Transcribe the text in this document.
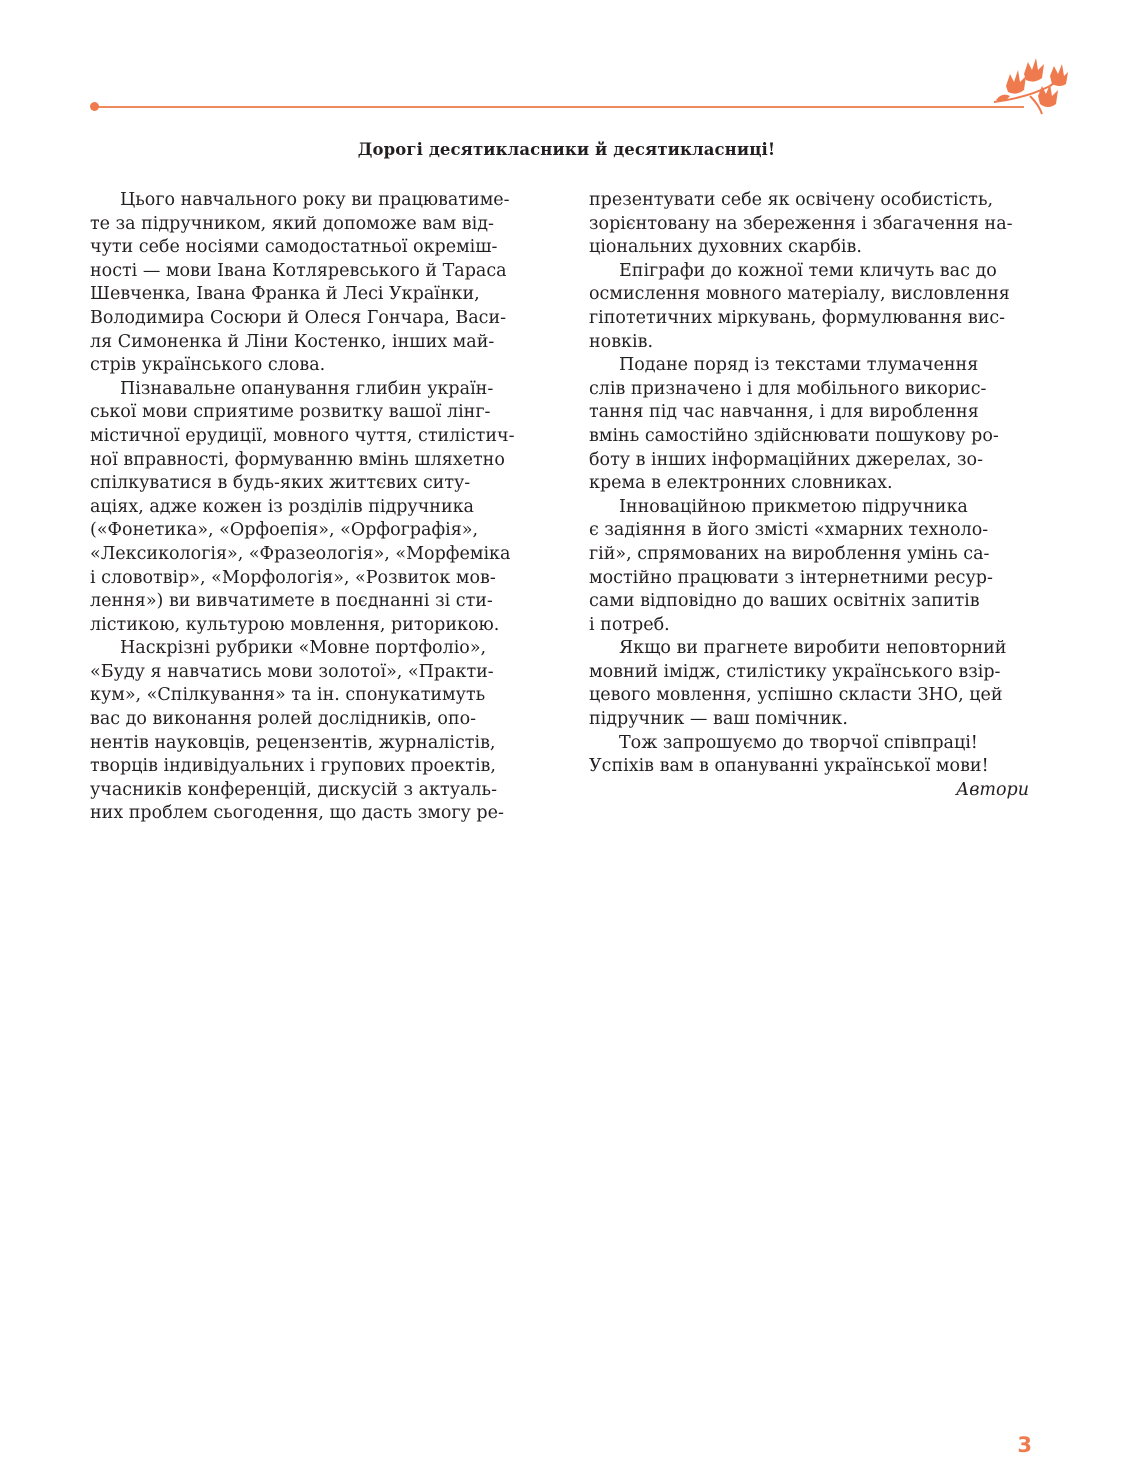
Дорогі десятикласники й десятикласниці!
Цього навчального року ви працюватиме-
те за підручником, який допоможе вам від-
чути себе носіями самодостатньої окреміш-
ності — мови Івана Котляревського й Тараса
Шевченка, Івана Франка й Лесі Українки,
Володимира Сосюри й Олеся Гончара, Васи-
ля Симоненка й Ліни Костенко, інших май-
стрів українського слова.
Пізнавальне опанування глибин україн-
ської мови сприятиме розвитку вашої лінг-
містичної ерудиції, мовного чуття, стилістич-
ної вправності, формуванню вмінь шляхетно
спілкуватися в будь-яких життєвих ситу-
аціях, адже кожен із розділів підручника
(«Фонетика», «Орфоепія», «Орфографія»,
«Лексикологія», «Фразеологія», «Морфеміка
і словотвір», «Морфологія», «Розвиток мов-
лення») ви вивчатимете в поєднанні зі сти-
лістикою, культурою мовлення, риторикою.
Наскрізні рубрики «Мовне портфоліо»,
«Буду я навчатись мови золотої», «Практи-
кум», «Спілкування» та ін. спонукатимуть
вас до виконання ролей дослідників, опо-
нентів науковців, рецензентів, журналістів,
творців індивідуальних і групових проектів,
учасників конференцій, дискусій з актуаль-
них проблем сьогодення, що дасть змогу ре-
презентувати себе як освічену особистість,
зорієнтовану на збереження і збагачення на-
ціональних духовних скарбів.
Епіграфи до кожної теми кличуть вас до
осмислення мовного матеріалу, висловлення
гіпотетичних міркувань, формулювання вис-
новків.
Подане поряд із текстами тлумачення
слів призначено і для мобільного викорис-
тання під час навчання, і для вироблення
вмінь самостійно здійснювати пошукову ро-
боту в інших інформаційних джерелах, зо-
крема в електронних словниках.
Інноваційною прикметою підручника
є задіяння в його змісті «хмарних техноло-
гій», спрямованих на вироблення умінь са-
мостійно працювати з інтернетними ресур-
сами відповідно до ваших освітніх запитів
і потреб.
Якщо ви прагнете виробити неповторний
мовний імідж, стилістику українського взір-
цевого мовлення, успішно скласти ЗНО, цей
підручник — ваш помічник.
Тож запрошуємо до творчої співпраці!
Успіхів вам в опануванні української мови!
Автори
3
